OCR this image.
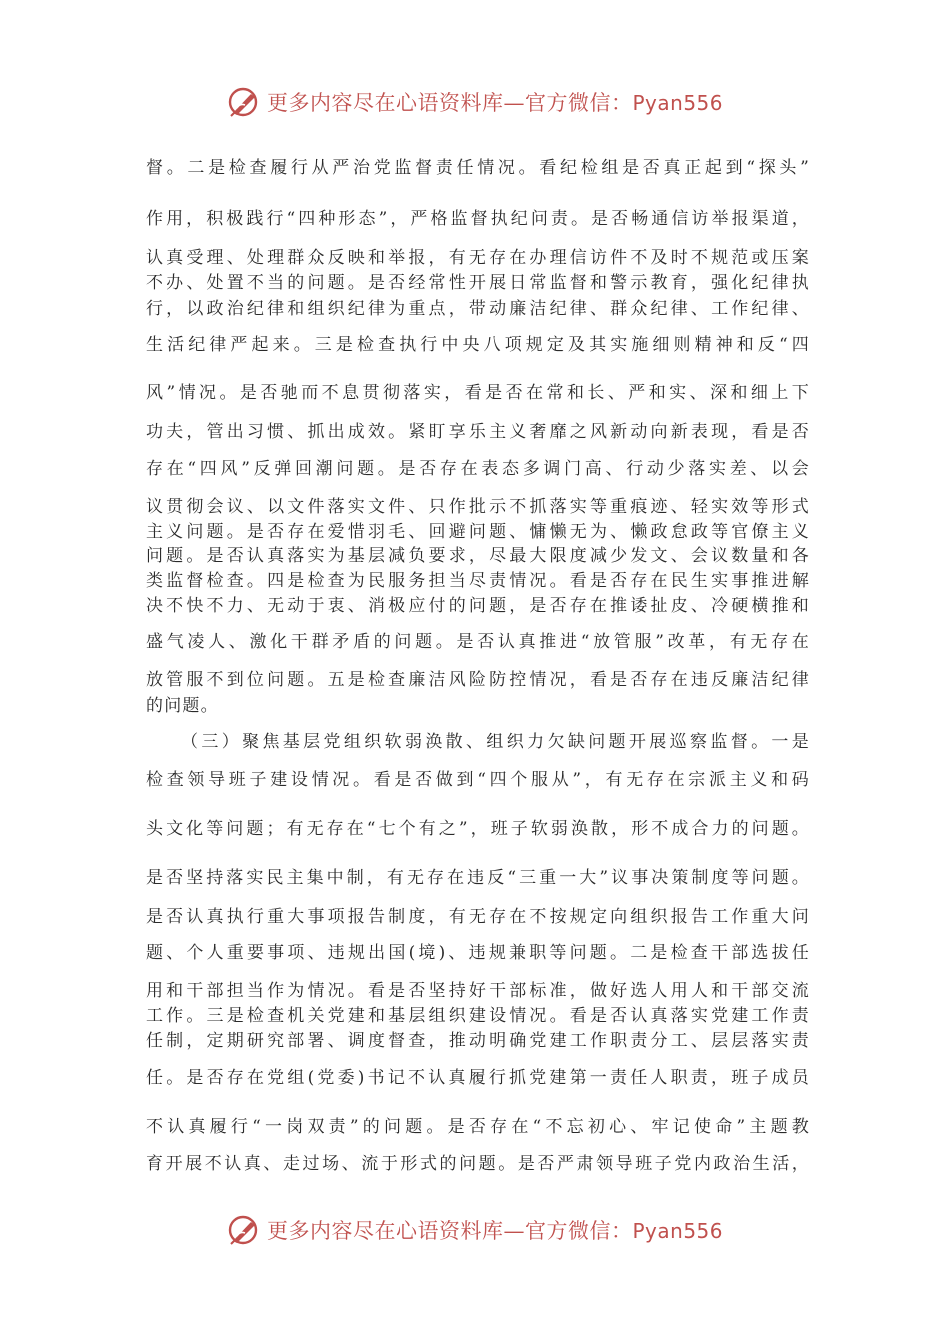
更多内容尽在心语资料库—官方微信：Pyan556
督。二是检查履行从严治党监督责任情况。看纪检组是否真正起到“探头”
作用，积极践行“四种形态”，严格监督执纪问责。是否畅通信访举报渠道，
认真受理、处理群众反映和举报，有无存在办理信访件不及时不规范或压案
不办、处置不当的问题。是否经常性开展日常监督和警示教育，强化纪律执
行，以政治纪律和组织纪律为重点，带动廉洁纪律、群众纪律、工作纪律、
生活纪律严起来。三是检查执行中央八项规定及其实施细则精神和反“四
风”情况。是否驰而不息贯彻落实，看是否在常和长、严和实、深和细上下
功夫，管出习惯、抓出成效。紧盯享乐主义奢靡之风新动向新表现，看是否
存在“四风”反弹回潮问题。是否存在表态多调门高、行动少落实差、以会
议贯彻会议、以文件落实文件、只作批示不抓落实等重痕迹、轻实效等形式
主义问题。是否存在爱惜羽毛、回避问题、慵懒无为、懒政怠政等官僚主义
问题。是否认真落实为基层减负要求，尽最大限度减少发文、会议数量和各
类监督检查。四是检查为民服务担当尽责情况。看是否存在民生实事推进解
决不快不力、无动于衷、消极应付的问题，是否存在推诿扯皮、冷硬横推和
盛气凌人、激化干群矛盾的问题。是否认真推进“放管服”改革，有无存在
放管服不到位问题。五是检查廉洁风险防控情况，看是否存在违反廉洁纪律
的问题。
（三）聚焦基层党组织软弱涣散、组织力欠缺问题开展巡察监督。一是
检查领导班子建设情况。看是否做到“四个服从”，有无存在宗派主义和码
头文化等问题；有无存在“七个有之”，班子软弱涣散，形不成合力的问题。
是否坚持落实民主集中制，有无存在违反“三重一大”议事决策制度等问题。
是否认真执行重大事项报告制度，有无存在不按规定向组织报告工作重大问
题、个人重要事项、违规出国(境)、违规兼职等问题。二是检查干部选拔任
用和干部担当作为情况。看是否坚持好干部标准，做好选人用人和干部交流
工作。三是检查机关党建和基层组织建设情况。看是否认真落实党建工作责
任制，定期研究部署、调度督查，推动明确党建工作职责分工、层层落实责
任。是否存在党组(党委)书记不认真履行抓党建第一责任人职责，班子成员
不认真履行“一岗双责”的问题。是否存在“不忘初心、牢记使命”主题教
育开展不认真、走过场、流于形式的问题。是否严肃领导班子党内政治生活，
更多内容尽在心语资料库—官方微信：Pyan556
